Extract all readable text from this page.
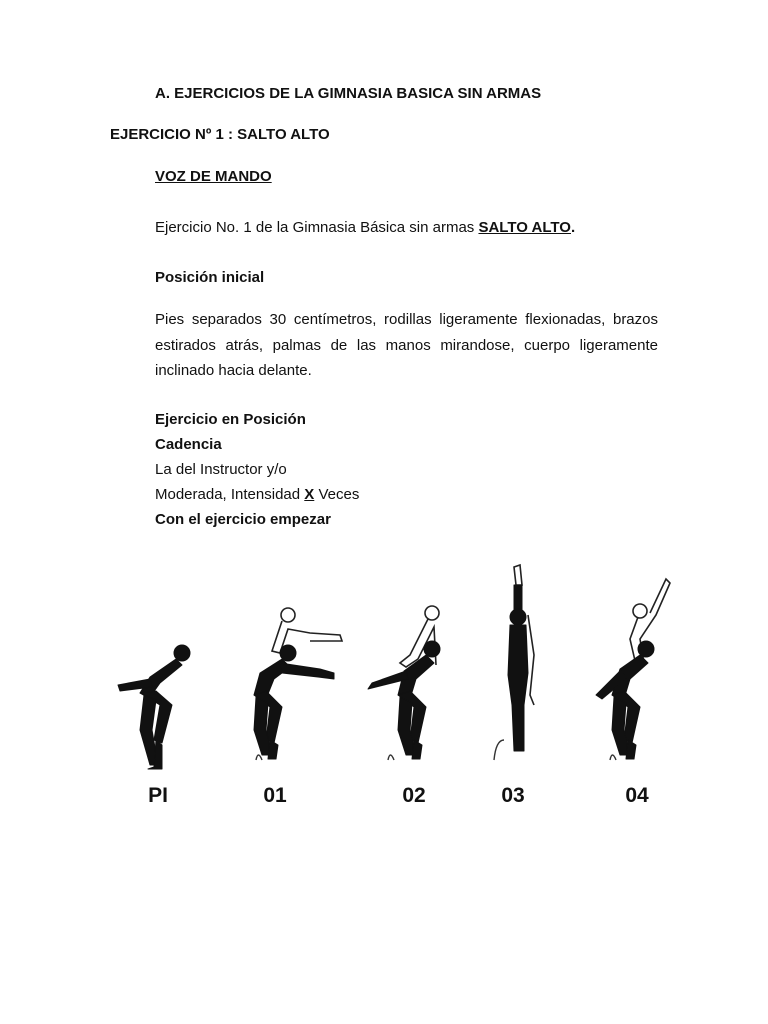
A. EJERCICIOS DE LA GIMNASIA BASICA SIN ARMAS
EJERCICIO Nº 1 : SALTO ALTO
VOZ DE MANDO
Ejercicio No. 1 de la Gimnasia Básica sin armas SALTO ALTO.
Posición inicial
Pies separados 30 centímetros, rodillas ligeramente flexionadas, brazos estirados atrás, palmas de las manos mirandose, cuerpo ligeramente inclinado hacia delante.
Ejercicio en Posición
Cadencia
La del Instructor y/o
Moderada, Intensidad X Veces
Con el ejercicio empezar
PI	01	02	03	04
